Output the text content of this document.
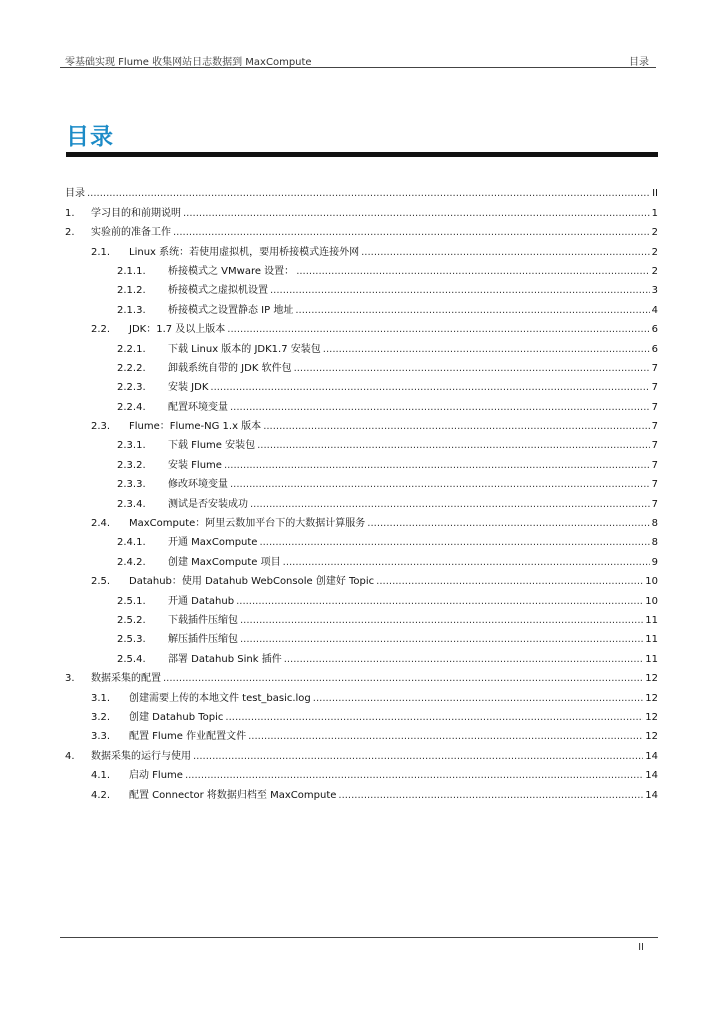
零基础实现 Flume 收集网站日志数据到 MaxCompute	目录
目录
目录 .....	II
1.	学习目的和前期说明 .....	1
2.	实验前的准备工作 .....	2
2.1.	Linux 系统：若使用虚拟机，要用桥接模式连接外网 .....	2
2.1.1.	桥接模式之 VMware 设置： .....	2
2.1.2.	桥接模式之虚拟机设置 .....	3
2.1.3.	桥接模式之设置静态 IP 地址 .....	4
2.2.	JDK：1.7 及以上版本 .....	6
2.2.1.	下载 Linux 版本的 JDK1.7 安装包 .....	6
2.2.2.	卸载系统自带的 JDK 软件包 .....	7
2.2.3.	安装 JDK .....	7
2.2.4.	配置环境变量 .....	7
2.3.	Flume：Flume-NG 1.x 版本 .....	7
2.3.1.	下载 Flume 安装包 .....	7
2.3.2.	安装 Flume .....	7
2.3.3.	修改环境变量 .....	7
2.3.4.	测试是否安装成功 .....	7
2.4.	MaxCompute：阿里云数加平台下的大数据计算服务 .....	8
2.4.1.	开通 MaxCompute .....	8
2.4.2.	创建 MaxCompute 项目 .....	9
2.5.	Datahub：使用 Datahub WebConsole 创建好 Topic .....	10
2.5.1.	开通 Datahub .....	10
2.5.2.	下载插件压缩包 .....	11
2.5.3.	解压插件压缩包 .....	11
2.5.4.	部署 Datahub Sink 插件 .....	11
3.	数据采集的配置 .....	12
3.1.	创建需要上传的本地文件 test_basic.log .....	12
3.2.	创建 Datahub Topic .....	12
3.3.	配置 Flume 作业配置文件 .....	12
4.	数据采集的运行与使用 .....	14
4.1.	启动 Flume .....	14
4.2.	配置 Connector 将数据归档至 MaxCompute .....	14
II
